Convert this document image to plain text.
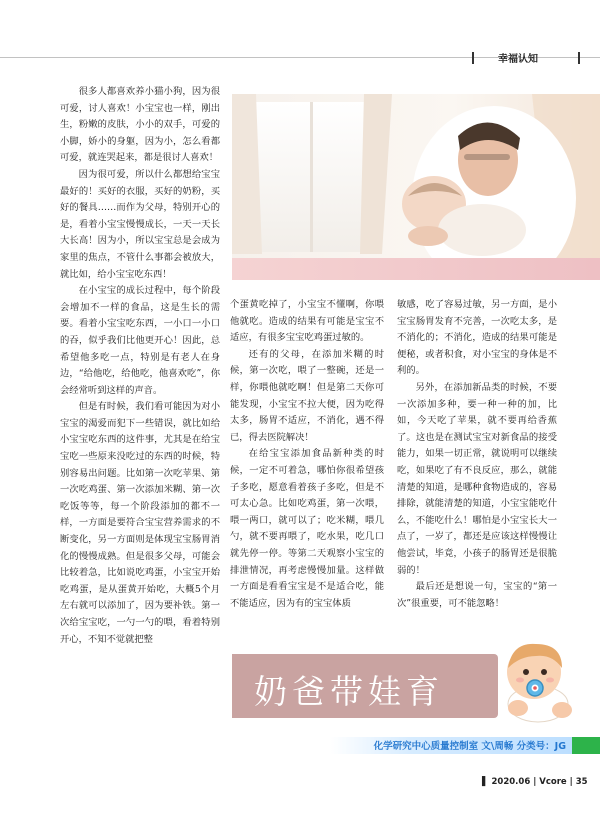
幸福认知

很多人都喜欢养小猫小狗，因为很可爱，讨人喜欢！小宝宝也一样，刚出生，粉嫩的皮肤，小小的双手，可爱的小脚，娇小的身躯，因为小，怎么看都可爱，就连哭起来，都是很讨人喜欢！

因为很可爱，所以什么都想给宝宝最好的！买好的衣服，买好的奶粉，买好的餐具……而作为父母，特别开心的是，看着小宝宝慢慢成长，一天一天长大长高！因为小，所以宝宝总是会成为家里的焦点，不管什么事都会被放大，就比如，给小宝宝吃东西！

在小宝宝的成长过程中，每个阶段会增加不一样的食品，这是生长的需要。看着小宝宝吃东西，一小口一小口的吞，似乎我们比他更开心！因此，总希望他多吃一点，特别是有老人在身边，“给他吃，给他吃，他喜欢吃”，你会经常听到这样的声音。

但是有时候，我们看可能因为对小宝宝的渴爱而犯下一些错误，就比如给小宝宝吃东西的这件事，尤其是在给宝宝吃一些原来没吃过的东西的时候，特别容易出问题。比如第一次吃苹果、第一次吃鸡蛋、第一次添加米糊、第一次吃饭等等，每一个阶段添加的都不一样，一方面是要符合宝宝营养需求的不断变化，另一方面则是体现宝宝肠胃消化的慢慢成熟。但是很多父母，可能会比较着急，比如说吃鸡蛋，小宝宝开始吃鸡蛋，是从蛋黄开始吃，大概5个月左右就可以添加了，因为要补铁。第一次给宝宝吃，一勺一勺的喂，看着特别开心，不知不觉就把整

个蛋黄吃掉了，小宝宝不懂啊，你喂他就吃。造成的结果有可能是宝宝不适应，有很多宝宝吃鸡蛋过敏的。

还有的父母，在添加米糊的时候，第一次吃，喂了一整碗，还是一样，你喂他就吃啊！但是第二天你可能发现，小宝宝不拉大便，因为吃得太多，肠胃不适应，不消化，遇不得已，得去医院解决！

在给宝宝添加食品新种类的时候，一定不可着急，哪怕你很希望孩子多吃，愿意看着孩子多吃，但是不可太心急。比如吃鸡蛋，第一次喂，喂一两口，就可以了；吃米糊，喂几勺，就不要再喂了，吃水果，吃几口就先停一停。等第二天观察小宝宝的排泄情况，再考虑慢慢加量。这样做一方面是看看宝宝是不是适合吃，能不能适应，因为有的宝宝体质

敏感，吃了容易过敏，另一方面，是小宝宝肠胃发育不完善，一次吃太多，是不消化的；不消化，造成的结果可能是便秘，或者积食，对小宝宝的身体是不利的。

另外，在添加新品类的时候，不要一次添加多种，要一种一种的加，比如，今天吃了苹果，就不要再给香蕉了。这也是在测试宝宝对新食品的接受能力，如果一切正常，就说明可以继续吃，如果吃了有不良反应，那么，就能清楚的知道，是哪种食物造成的，容易排除，就能清楚的知道，小宝宝能吃什么，不能吃什么！哪怕是小宝宝长大一点了，一岁了，都还是应该这样慢慢让他尝试，毕竟，小孩子的肠胃还是很脆弱的！

最后还是想说一句，宝宝的“第一次”很重要，可不能忽略！

奶爸带娃育
化学研究中心质量控制室 文\周畅 分类号：JG
▌ 2020.06 | Vcore | 35
